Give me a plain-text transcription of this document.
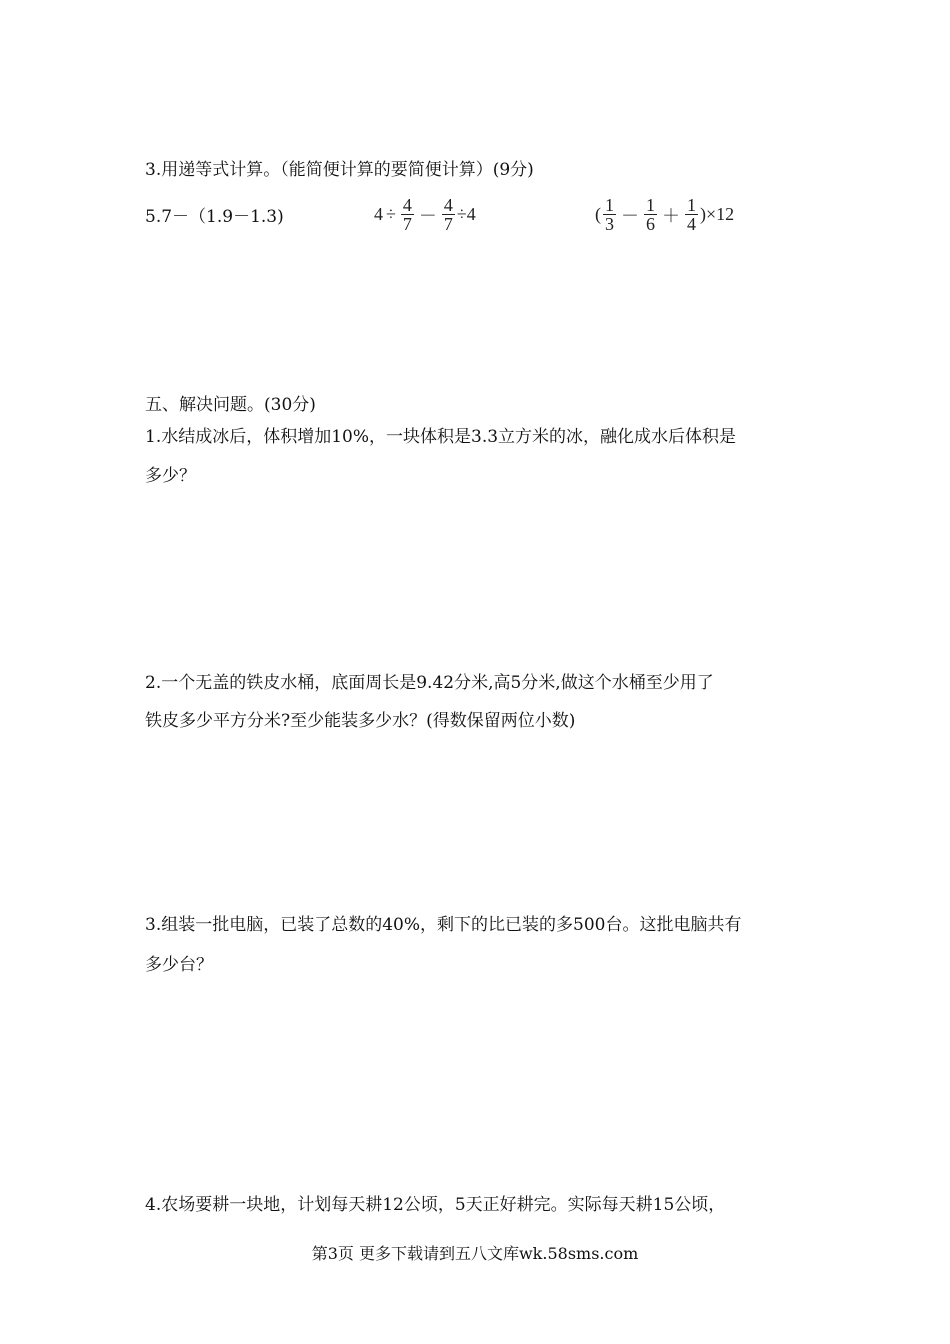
3.用递等式计算。（能简便计算的要简便计算）(9分)
5.7－（1.9－1.3)	$4 \div \frac{4}{7} - \frac{4}{7} \div 4$	( $\frac{1}{3} - \frac{1}{6} + \frac{1}{4} )\times 12$
五、解决问题。(30分)
1.水结成冰后，体积增加10%，一块体积是3.3立方米的冰，融化成水后体积是
多少？
2.一个无盖的铁皮水桶，底面周长是9.42分米,高5分米,做这个水桶至少用了
铁皮多少平方分米?至少能装多少水？(得数保留两位小数)
3.组装一批电脑，已装了总数的40%，剩下的比已装的多500台。这批电脑共有
多少台？
4.农场要耕一块地，计划每天耕12公顷，5天正好耕完。实际每天耕15公顷，
第3页 更多下载请到五八文库wk.58sms.com
